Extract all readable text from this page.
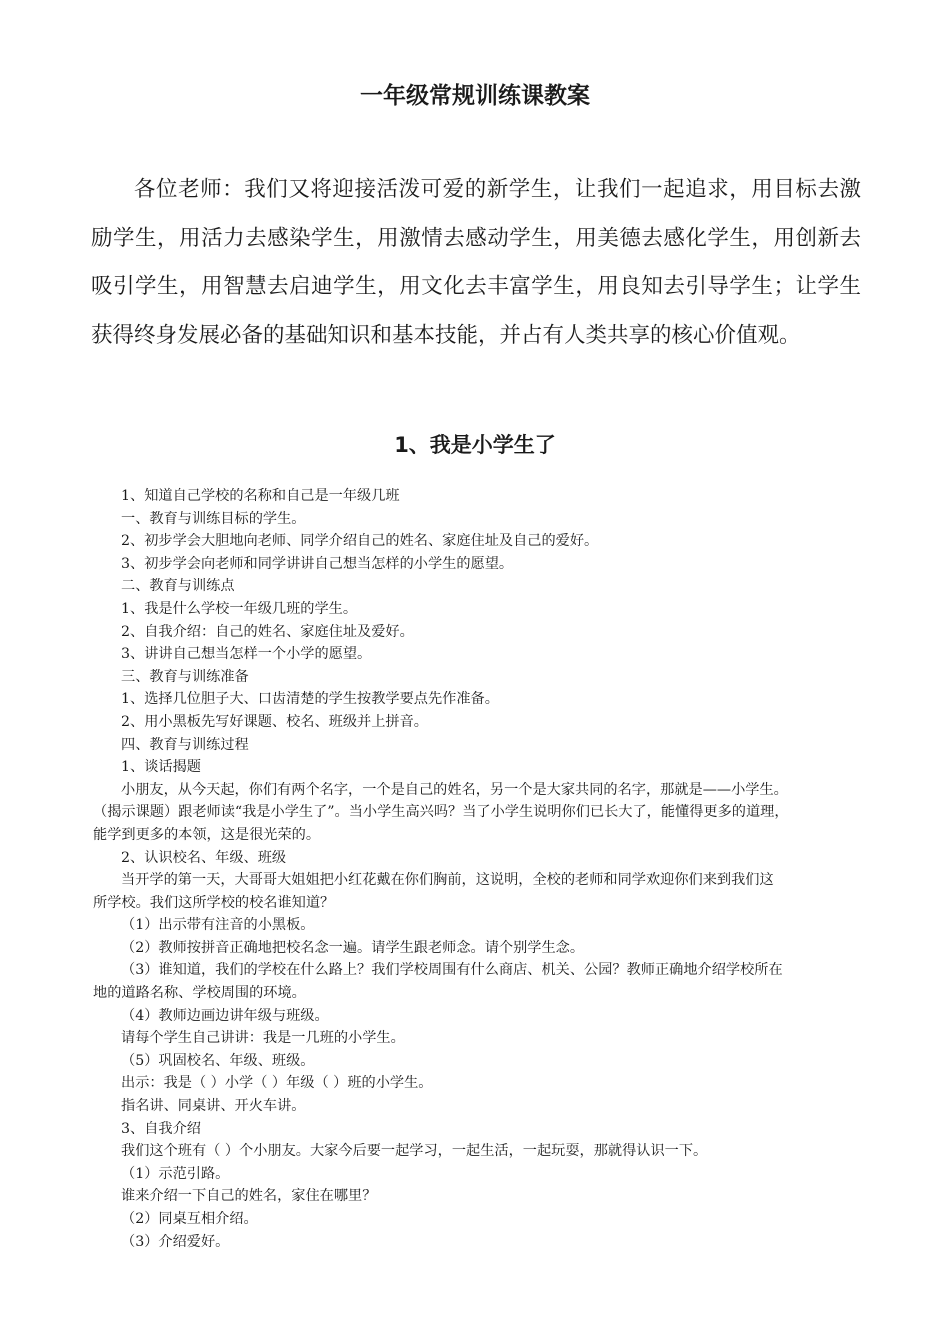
一年级常规训练课教案

各位老师：我们又将迎接活泼可爱的新学生，让我们一起追求，用目标去激励学生，用活力去感染学生，用激情去感动学生，用美德去感化学生，用创新去吸引学生，用智慧去启迪学生，用文化去丰富学生，用良知去引导学生；让学生获得终身发展必备的基础知识和基本技能，并占有人类共享的核心价值观。

1、我是小学生了
1、知道自己学校的名称和自己是一年级几班
一、教育与训练目标的学生。
2、初步学会大胆地向老师、同学介绍自己的姓名、家庭住址及自己的爱好。
3、初步学会向老师和同学讲讲自己想当怎样的小学生的愿望。
二、教育与训练点
1、我是什么学校一年级几班的学生。
2、自我介绍：自己的姓名、家庭住址及爱好。
3、讲讲自己想当怎样一个小学的愿望。
三、教育与训练准备
1、选择几位胆子大、口齿清楚的学生按教学要点先作准备。
2、用小黑板先写好课题、校名、班级并上拼音。
四、教育与训练过程
1、谈话揭题
小朋友，从今天起，你们有两个名字，一个是自己的姓名，另一个是大家共同的名字，那就是——小学生。
（揭示课题）跟老师读“我是小学生了”。当小学生高兴吗？当了小学生说明你们已长大了，能懂得更多的道理，
能学到更多的本领，这是很光荣的。
2、认识校名、年级、班级
当开学的第一天，大哥哥大姐姐把小红花戴在你们胸前，这说明，全校的老师和同学欢迎你们来到我们这
所学校。我们这所学校的校名谁知道？
（1）出示带有注音的小黑板。
（2）教师按拼音正确地把校名念一遍。请学生跟老师念。请个别学生念。
（3）谁知道，我们的学校在什么路上？我们学校周围有什么商店、机关、公园？教师正确地介绍学校所在
地的道路名称、学校周围的环境。
（4）教师边画边讲年级与班级。
请每个学生自己讲讲：我是一几班的小学生。
（5）巩固校名、年级、班级。
出示：我是（ ）小学（ ）年级（ ）班的小学生。
指名讲、同桌讲、开火车讲。
3、自我介绍
我们这个班有（ ）个小朋友。大家今后要一起学习，一起生活，一起玩耍，那就得认识一下。
（1）示范引路。
谁来介绍一下自己的姓名，家住在哪里？
（2）同桌互相介绍。
（3）介绍爱好。
